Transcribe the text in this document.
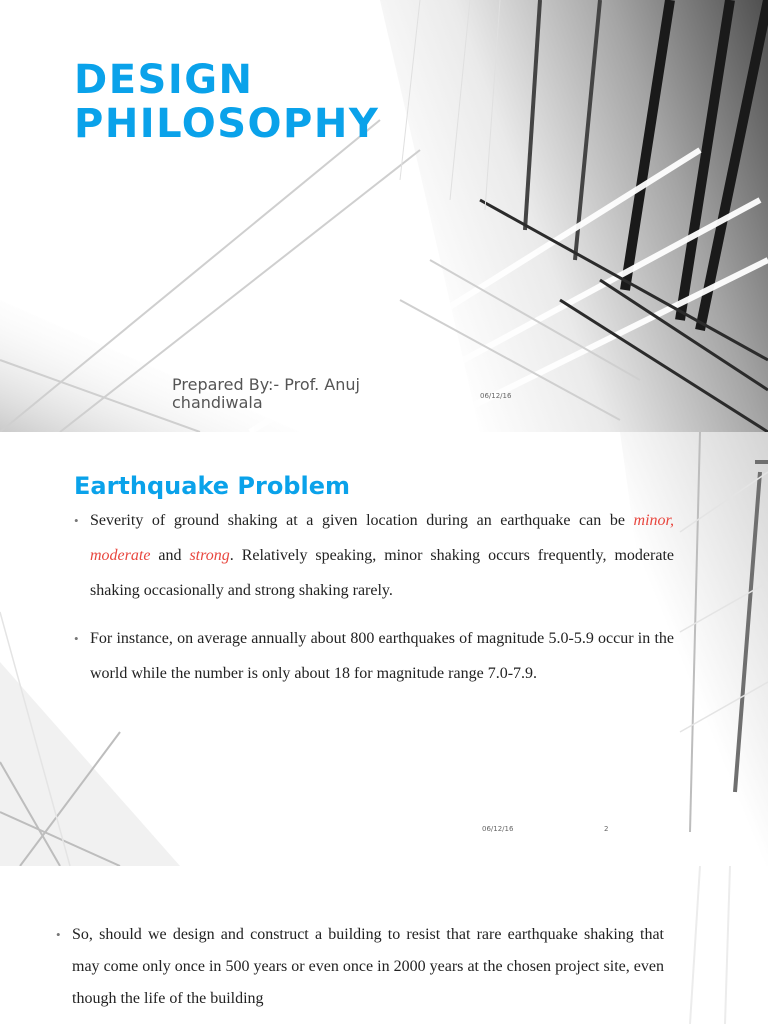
DESIGN
PHILOSOPHY
Prepared By:- Prof. Anuj chandiwala	06/12/16
Earthquake Problem

• Severity of ground shaking at a given location during an earthquake can be minor, moderate and strong. Relatively speaking, minor shaking occurs frequently, moderate shaking occasionally and strong shaking rarely.

• For instance, on average annually about 800 earthquakes of magnitude 5.0-5.9 occur in the world while the number is only about 18 for magnitude range 7.0-7.9.

06/12/16	2

• So, should we design and construct a building to resist that rare earthquake shaking that may come only once in 500 years or even once in 2000 years at the chosen project site, even though the life of the building
